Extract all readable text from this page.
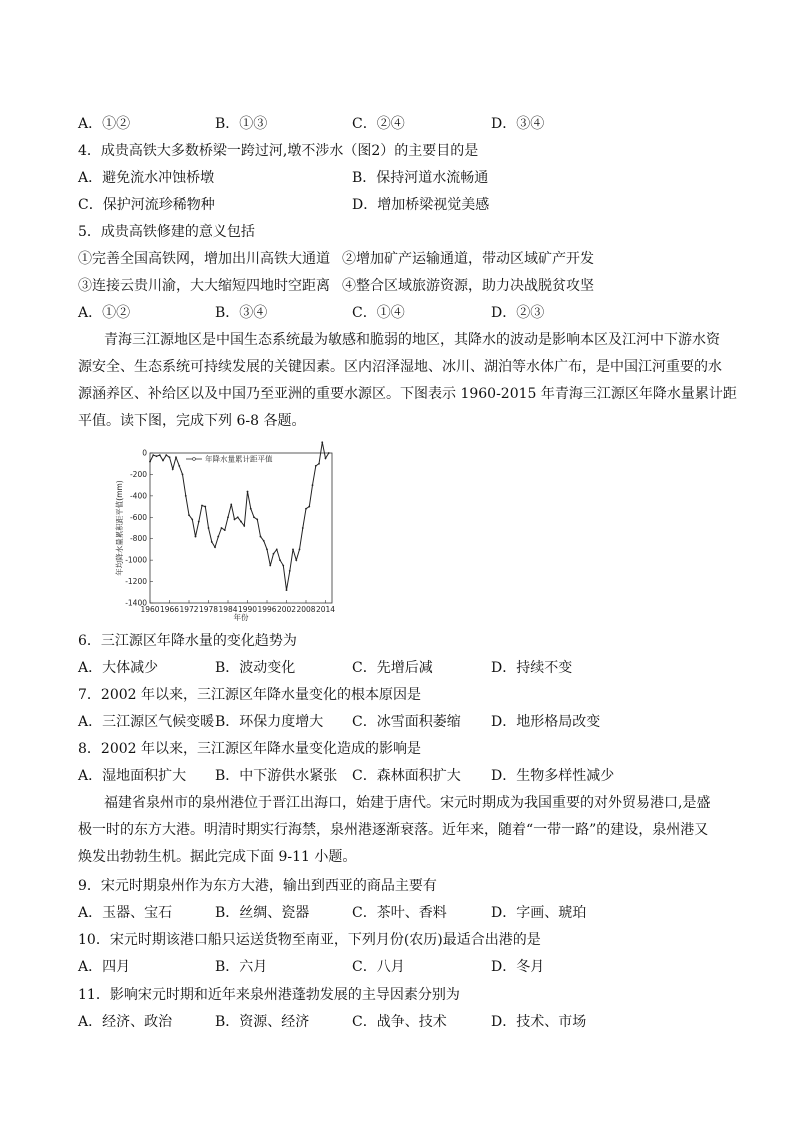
A．①②	B．①③	C．②④	D．③④
4．成贵高铁大多数桥梁一跨过河,墩不涉水（图2）的主要目的是
A．避免流水冲蚀桥墩	B．保持河道水流畅通
C．保护河流珍稀物种	D．增加桥梁视觉美感
5．成贵高铁修建的意义包括
①完善全国高铁网，增加出川高铁大通道 ②增加矿产运输通道，带动区域矿产开发
③连接云贵川渝，大大缩短四地时空距离 ④整合区域旅游资源，助力决战脱贫攻坚
A．①②	B．③④	C．①④	D．②③
青海三江源地区是中国生态系统最为敏感和脆弱的地区，其降水的波动是影响本区及江河中下游水资
源安全、生态系统可持续发展的关键因素。区内沼泽湿地、冰川、湖泊等水体广布，是中国江河重要的水
源涵养区、补给区以及中国乃至亚洲的重要水源区。下图表示 1960-2015 年青海三江源区年降水量累计距
平值。读下图，完成下列 6-8 各题。
0
-200
-400
-600
-800
-1000
-1200
-1400
1960 1966 1972 1978 1984 1990 1996 2002 2008 2014
年份
年均降水量累积距平值(mm)
年降水量累计距平值
6．三江源区年降水量的变化趋势为
A．大体减少	B．波动变化	C．先增后减	D．持续不变
7．2002 年以来，三江源区年降水量变化的根本原因是
A．三江源区气候变暖 B．环保力度增大 C．冰雪面积萎缩 D．地形格局改变
8．2002 年以来，三江源区年降水量变化造成的影响是
A．湿地面积扩大 B．中下游供水紧张 C．森林面积扩大 D．生物多样性减少
福建省泉州市的泉州港位于晋江出海口，始建于唐代。宋元时期成为我国重要的对外贸易港口,是盛
极一时的东方大港。明清时期实行海禁，泉州港逐渐衰落。近年来，随着“一带一路”的建设，泉州港又
焕发出勃勃生机。据此完成下面 9-11 小题。
9．宋元时期泉州作为东方大港，输出到西亚的商品主要有
A．玉器、宝石	B．丝绸、瓷器	C．茶叶、香料	D．字画、琥珀
10．宋元时期该港口船只运送货物至南亚，下列月份(农历)最适合出港的是
A．四月	B．六月	C．八月	D．冬月
11．影响宋元时期和近年来泉州港蓬勃发展的主导因素分别为
A．经济、政治	B．资源、经济	C．战争、技术	D．技术、市场
